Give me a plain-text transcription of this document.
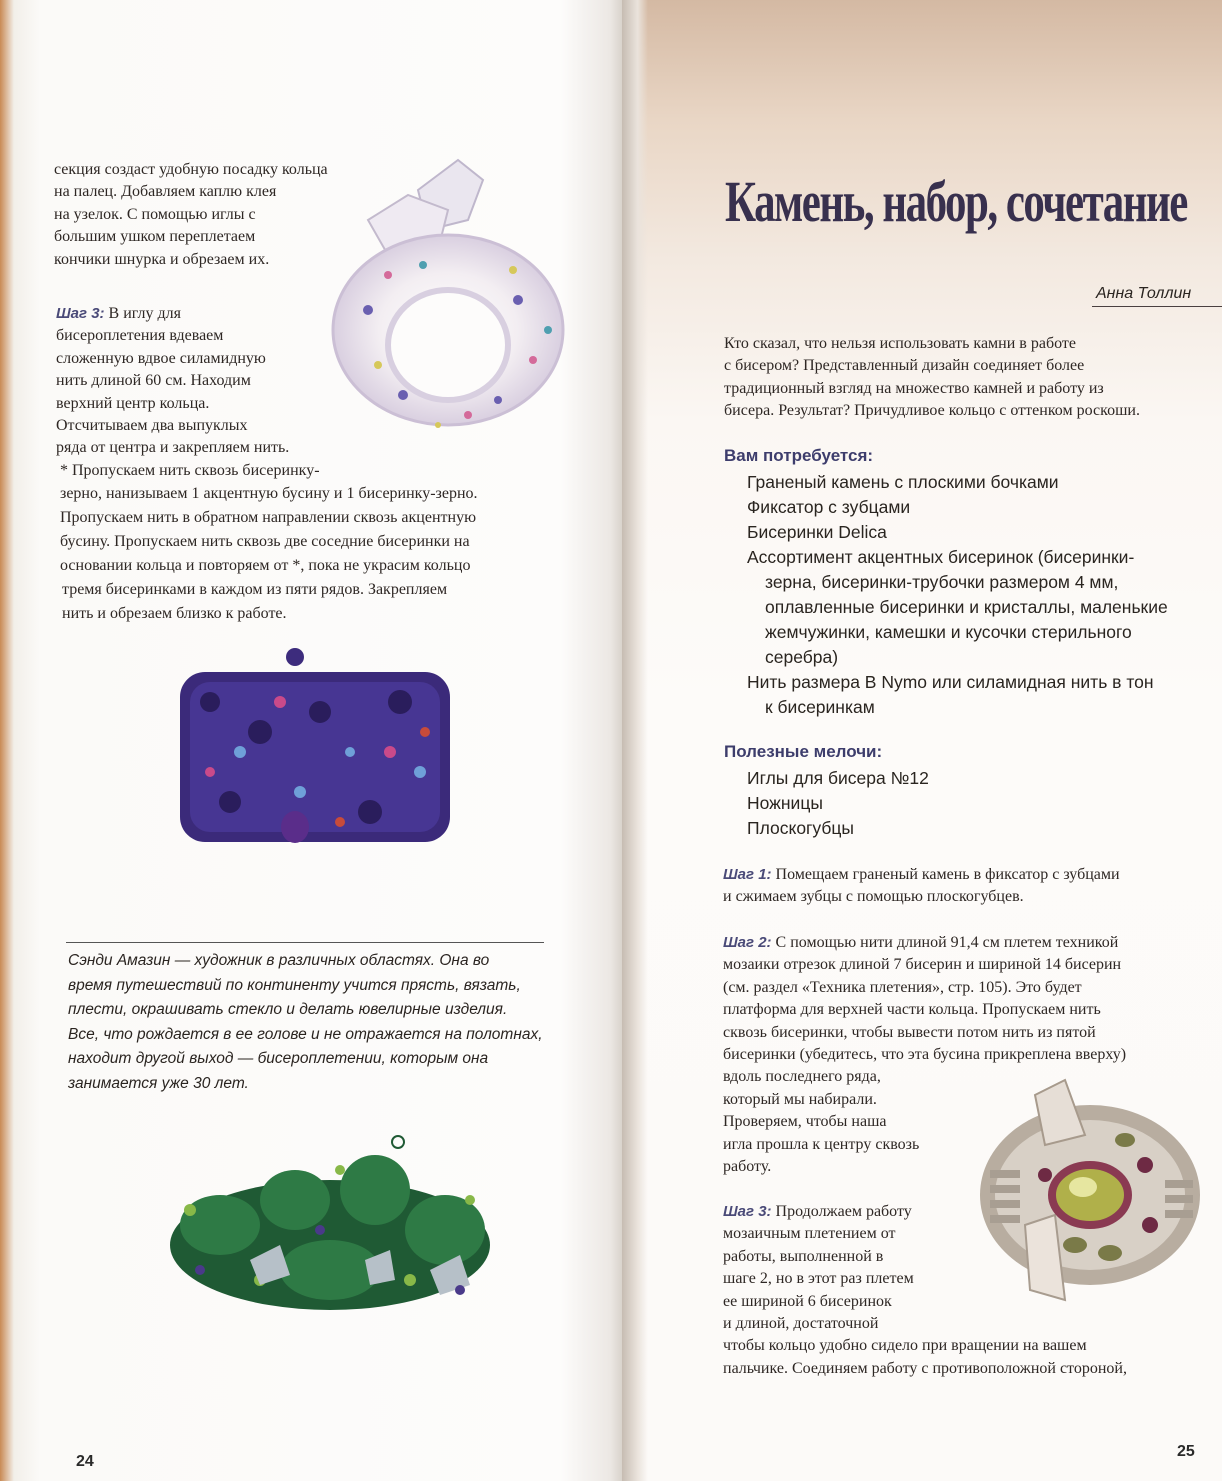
секция создаст удобную посадку кольца
на палец. Добавляем каплю клея
на узелок. С помощью иглы с
большим ушком переплетаем
кончики шнурка и обрезаем их.
Шаг 3: В иглу для
бисероплетения вдеваем
сложенную вдвое силамидную
нить длиной 60 см. Находим
верхний центр кольца.
Отсчитываем два выпуклых
ряда от центра и закрепляем нить.
* Пропускаем нить сквозь бисеринку-
зерно, нанизываем 1 акцентную бусину и 1 бисеринку-зерно.
Пропускаем нить в обратном направлении сквозь акцентную
бусину. Пропускаем нить сквозь две соседние бисеринки на
основании кольца и повторяем от *, пока не украсим кольцо
тремя бисеринками в каждом из пяти рядов. Закрепляем
нить и обрезаем близко к работе.
Сэнди Амазин — художник в различных областях. Она во
время путешествий по континенту учится прясть, вязать,
плести, окрашивать стекло и делать ювелирные изделия.
Все, что рождается в ее голове и не отражается на полотнах,
находит другой выход — бисероплетении, которым она
занимается уже 30 лет.
24
Камень, набор, сочетание
Анна Толлин
Кто сказал, что нельзя использовать камни в работе
с бисером? Представленный дизайн соединяет более
традиционный взгляд на множество камней и работу из
бисера. Результат? Причудливое кольцо с оттенком роскоши.
Вам потребуется:
Граненый камень с плоскими бочками
Фиксатор с зубцами
Бисеринки Delica
Ассортимент акцентных бисеринок (бисеринки-
зерна, бисеринки-трубочки размером 4 мм,
оплавленные бисеринки и кристаллы, маленькие
жемчужинки, камешки и кусочки стерильного
серебра)
Нить размера B Nymo или силамидная нить в тон
к бисеринкам
Полезные мелочи:
Иглы для бисера №12
Ножницы
Плоскогубцы
Шаг 1: Помещаем граненый камень в фиксатор с зубцами
и сжимаем зубцы с помощью плоскогубцев.
Шаг 2: С помощью нити длиной 91,4 см плетем техникой
мозаики отрезок длиной 7 бисерин и шириной 14 бисерин
(см. раздел «Техника плетения», стр. 105). Это будет
платформа для верхней части кольца. Пропускаем нить
сквозь бисеринки, чтобы вывести потом нить из пятой
бисеринки (убедитесь, что эта бусина прикреплена вверху)
вдоль последнего ряда,
который мы набирали.
Проверяем, чтобы наша
игла прошла к центру сквозь
работу.
Шаг 3: Продолжаем работу
мозаичным плетением от
работы, выполненной в
шаге 2, но в этот раз плетем
ее шириной 6 бисеринок
и длиной, достаточной
чтобы кольцо удобно сидело при вращении на вашем
пальчике. Соединяем работу с противоположной стороной,
25
